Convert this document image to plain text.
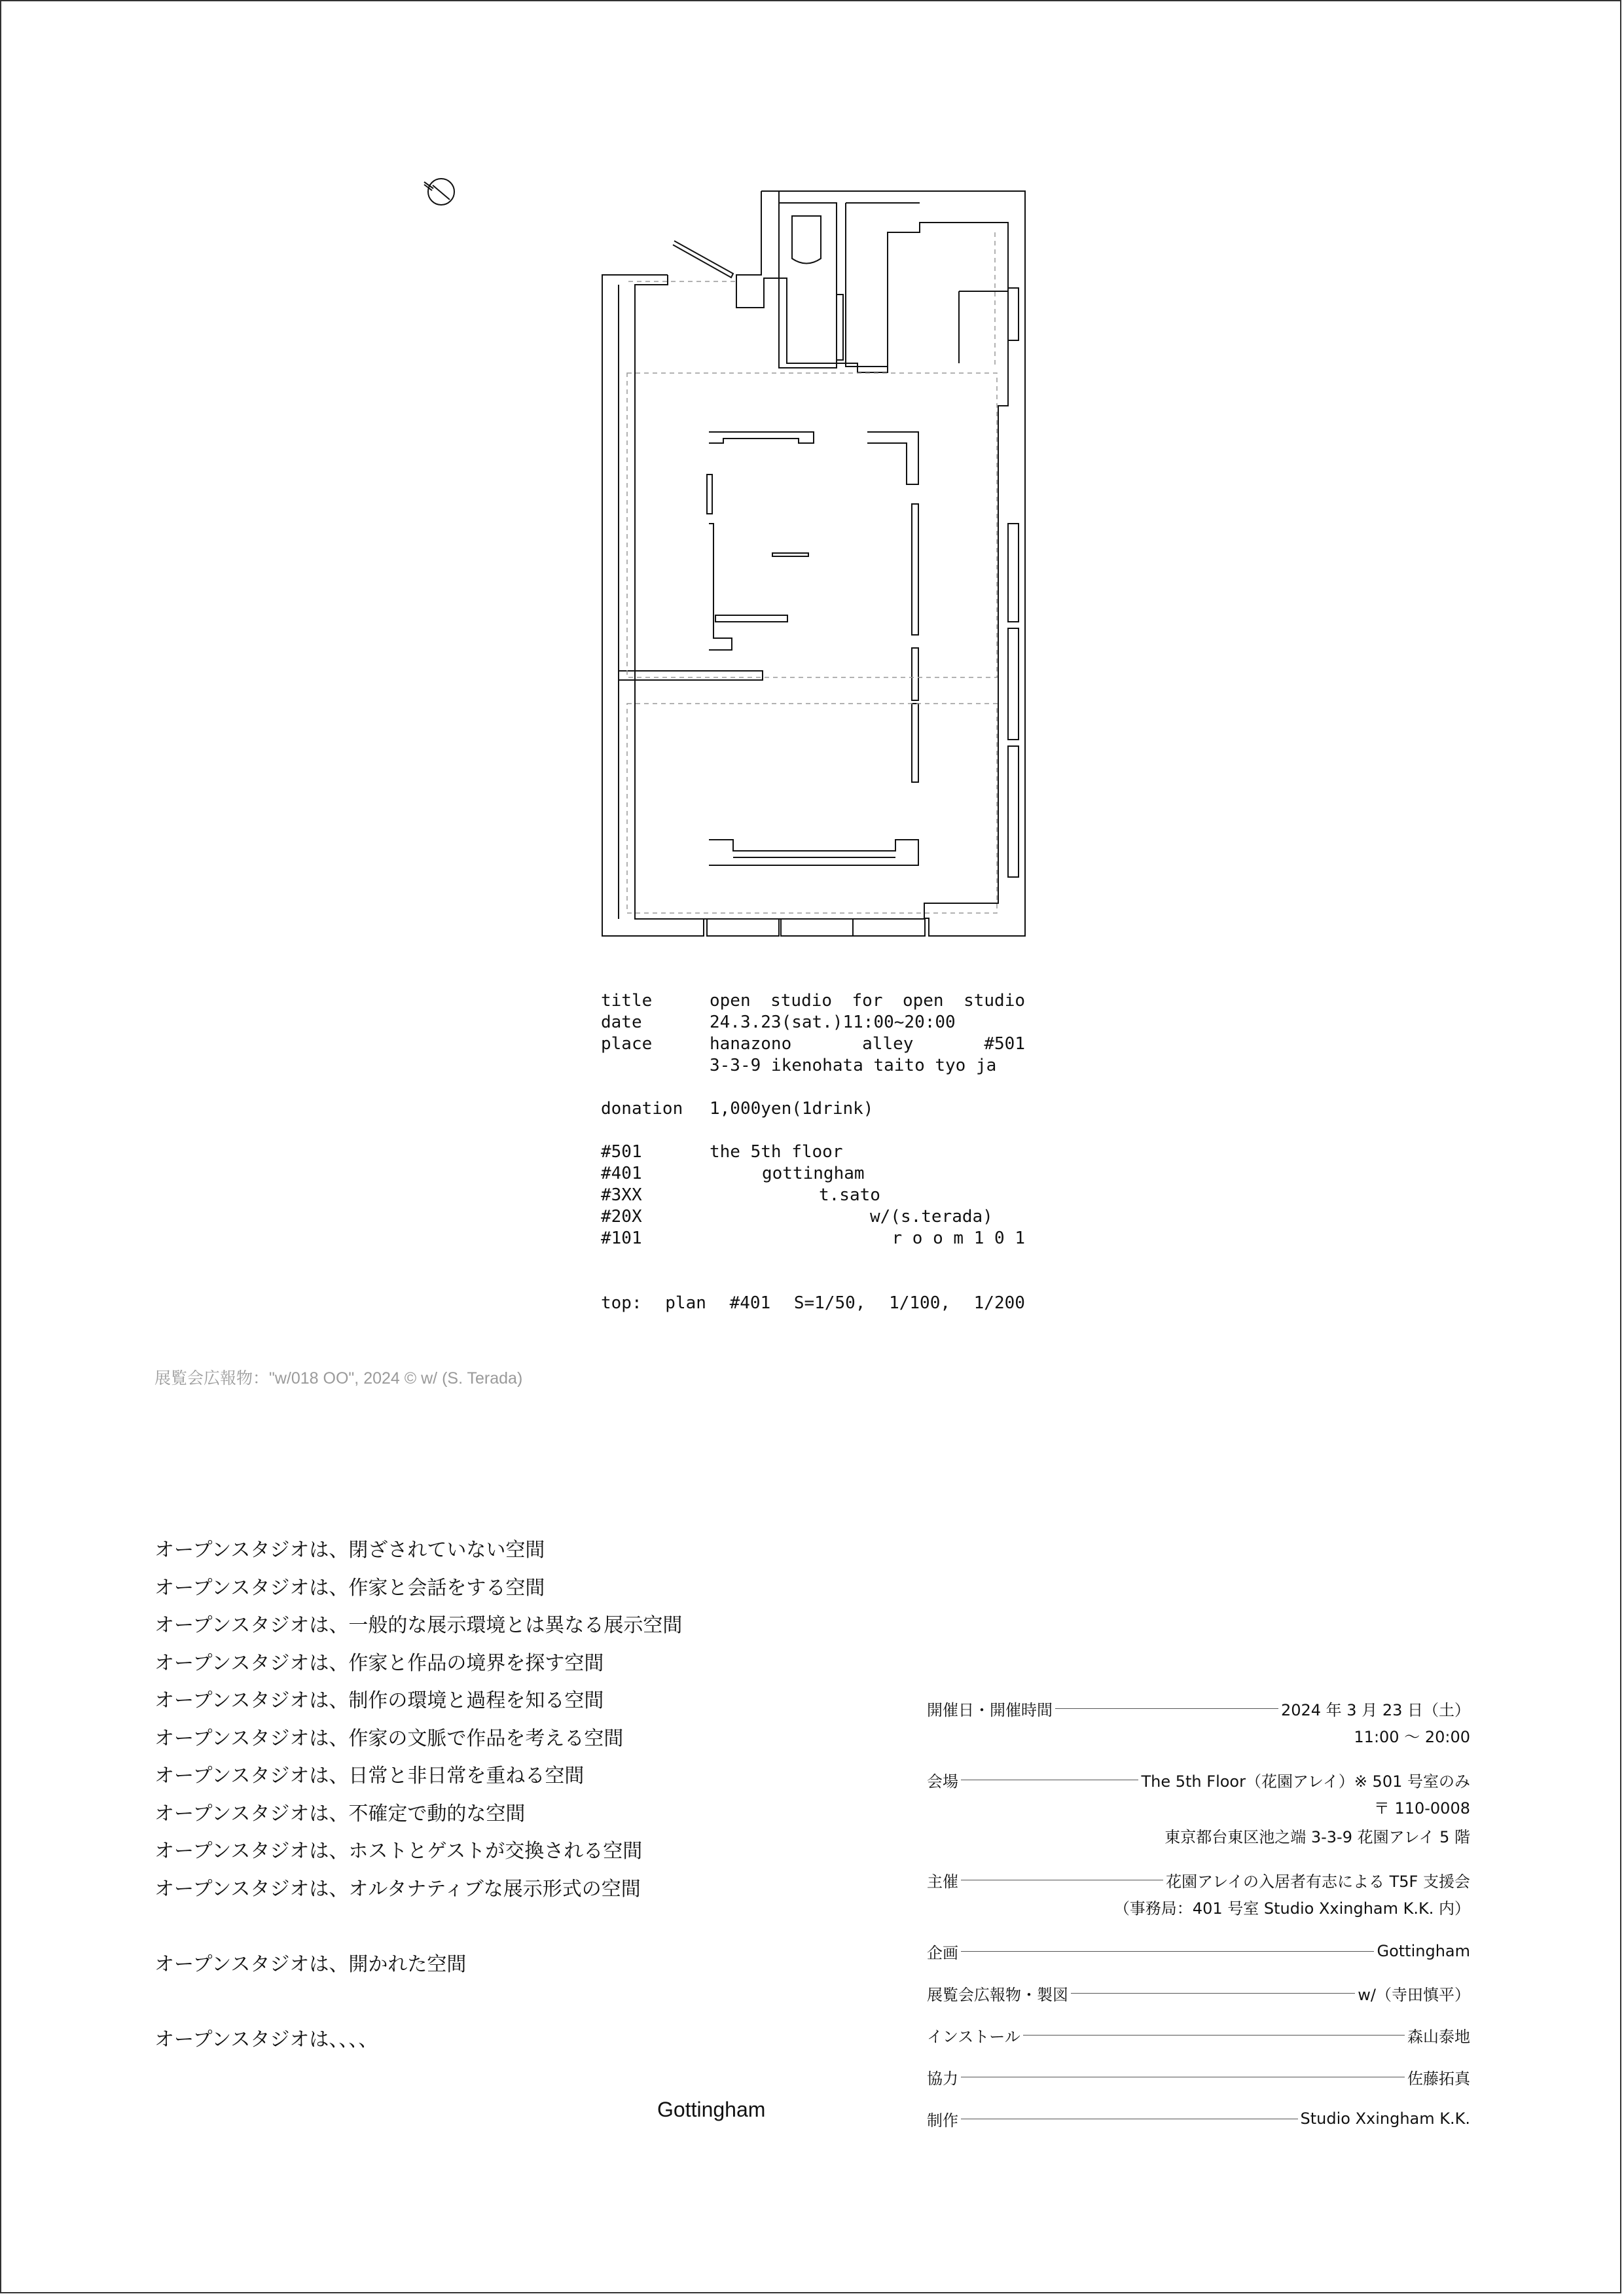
title	open studio for open studio
date	24.3.23(sat.)11:00~20:00
place	hanazono	alley	#501
3-3-9 ikenohata taito tyo ja
donation	1,000yen(1drink)
#501	the 5th floor
#401	gottingham
#3XX	t.sato
#20X	w/(s.terada)
#101	r o o m 1 0 1
top: plan #401 S=1/50, 1/100, 1/200
展覧会広報物："w/018 OO", 2024 © w/ (S. Terada)
オープンスタジオは、閉ざされていない空間
オープンスタジオは、作家と会話をする空間
オープンスタジオは、一般的な展示環境とは異なる展示空間
オープンスタジオは、作家と作品の境界を探す空間
オープンスタジオは、制作の環境と過程を知る空間
オープンスタジオは、作家の文脈で作品を考える空間
オープンスタジオは、日常と非日常を重ねる空間
オープンスタジオは、不確定で動的な空間
オープンスタジオは、ホストとゲストが交換される空間
オープンスタジオは、オルタナティブな展示形式の空間
オープンスタジオは、開かれた空間
オープンスタジオは、、、、
Gottingham
開催日・開催時間	2024 年 3 月 23 日（土）
11:00 〜 20:00
会場	The 5th Floor（花園アレイ）※ 501 号室のみ
〒 110-0008
東京都台東区池之端 3-3-9 花園アレイ 5 階
主催	花園アレイの入居者有志による T5F 支援会
（事務局：401 号室 Studio Xxingham K.K. 内）
企画	Gottingham
展覧会広報物・製図	w/（寺田慎平）
インストール	森山泰地
協力	佐藤拓真
制作	Studio Xxingham K.K.
